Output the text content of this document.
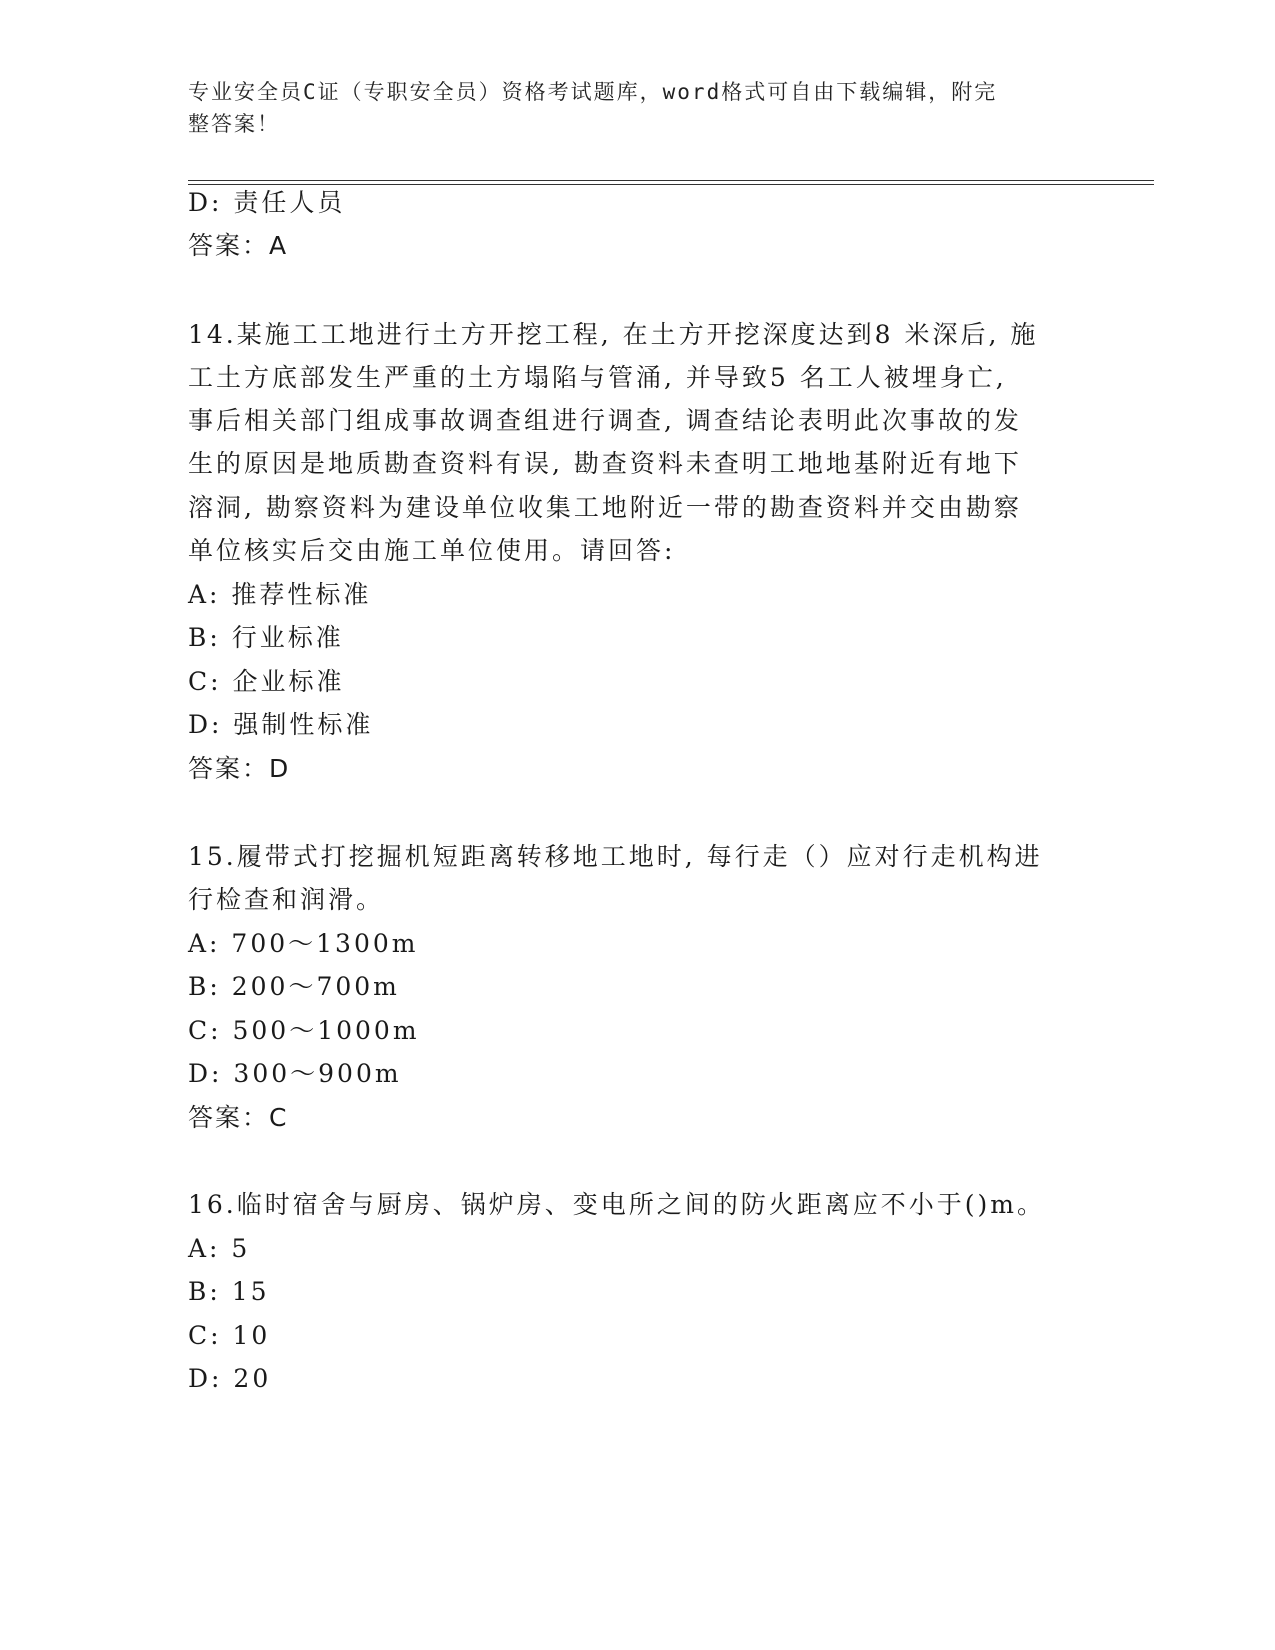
专业安全员C证（专职安全员）资格考试题库，word格式可自由下载编辑，附完
整答案！
D: 责任人员
答案：A
14.某施工工地进行土方开挖工程, 在土方开挖深度达到8 米深后, 施
工土方底部发生严重的土方塌陷与管涌, 并导致5 名工人被埋身亡,
事后相关部门组成事故调查组进行调查, 调查结论表明此次事故的发
生的原因是地质勘查资料有误, 勘查资料未查明工地地基附近有地下
溶洞, 勘察资料为建设单位收集工地附近一带的勘查资料并交由勘察
单位核实后交由施工单位使用。请回答:
A: 推荐性标准
B: 行业标准
C: 企业标准
D: 强制性标准
答案：D
15.履带式打挖掘机短距离转移地工地时, 每行走（）应对行走机构进
行检查和润滑。
A: 700～1300m
B: 200～700m
C: 500～1000m
D: 300～900m
答案：C
16.临时宿舍与厨房、锅炉房、变电所之间的防火距离应不小于()m。
A: 5
B: 15
C: 10
D: 20
